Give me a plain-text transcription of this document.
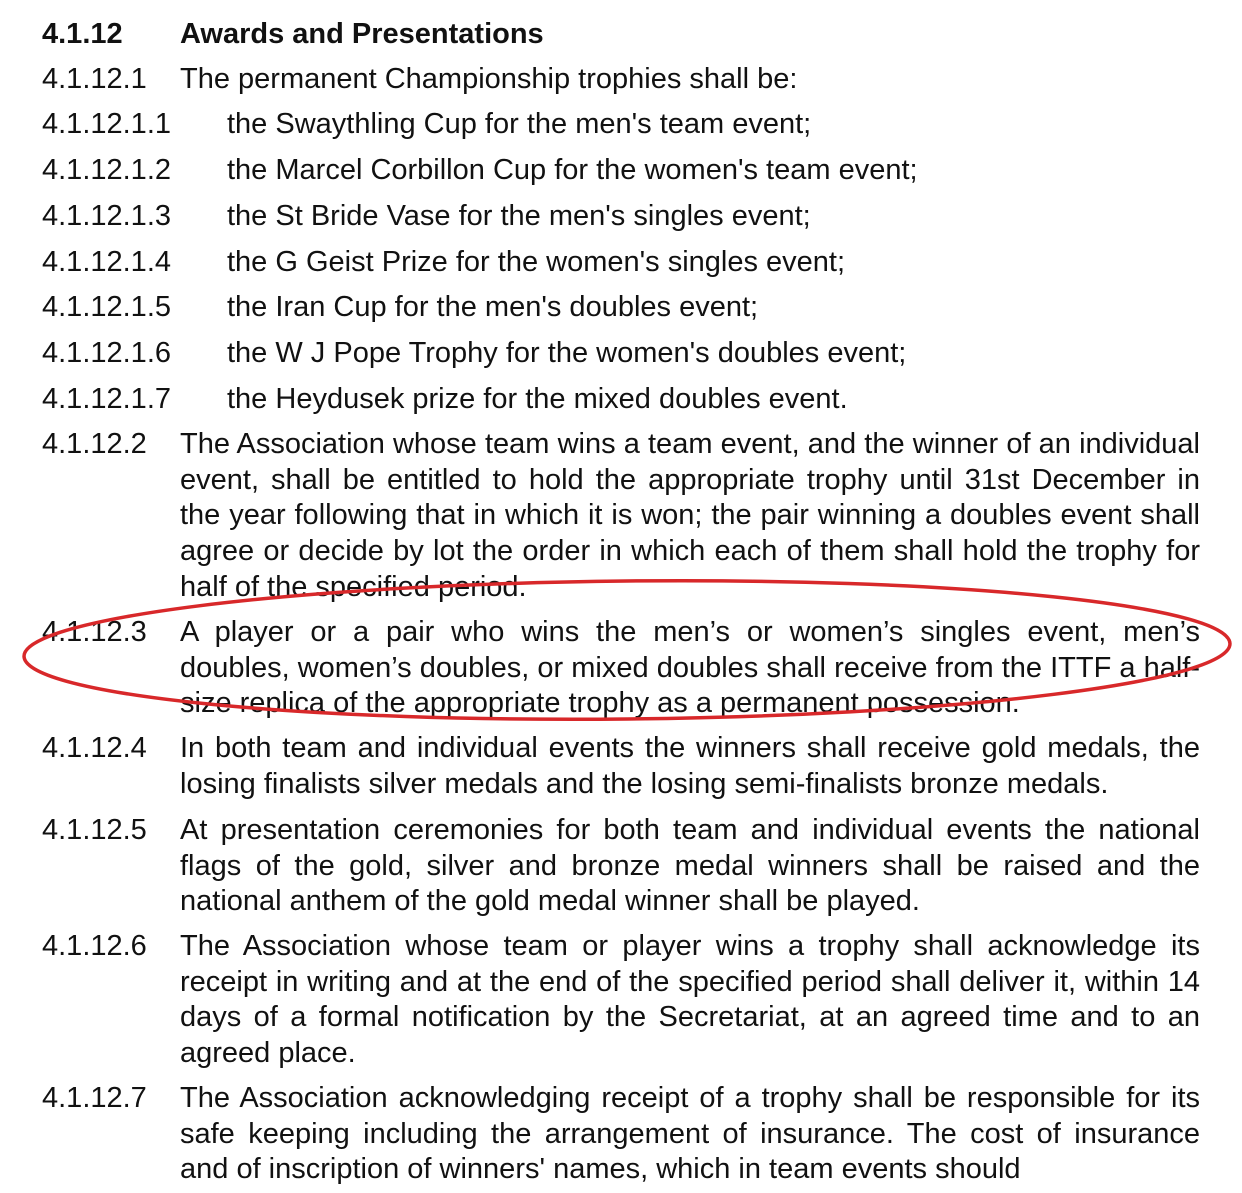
4.1.12 Awards and Presentations
4.1.12.1 The permanent Championship trophies shall be:
4.1.12.1.1 the Swaythling Cup for the men's team event;
4.1.12.1.2 the Marcel Corbillon Cup for the women's team event;
4.1.12.1.3 the St Bride Vase for the men's singles event;
4.1.12.1.4 the G Geist Prize for the women's singles event;
4.1.12.1.5 the Iran Cup for the men's doubles event;
4.1.12.1.6 the W J Pope Trophy for the women's doubles event;
4.1.12.1.7 the Heydusek prize for the mixed doubles event.
4.1.12.2 The Association whose team wins a team event, and the winner of an individual event, shall be entitled to hold the appropriate trophy until 31st December in the year following that in which it is won; the pair winning a doubles event shall agree or decide by lot the order in which each of them shall hold the trophy for half of the specified period.
4.1.12.3 A player or a pair who wins the men’s or women’s singles event, men’s doubles, women’s doubles, or mixed doubles shall receive from the ITTF a half-size replica of the appropriate trophy as a permanent possession.
4.1.12.4 In both team and individual events the winners shall receive gold medals, the losing finalists silver medals and the losing semi-finalists bronze medals.
4.1.12.5 At presentation ceremonies for both team and individual events the national flags of the gold, silver and bronze medal winners shall be raised and the national anthem of the gold medal winner shall be played.
4.1.12.6 The Association whose team or player wins a trophy shall acknowledge its receipt in writing and at the end of the specified period shall deliver it, within 14 days of a formal notification by the Secretariat, at an agreed time and to an agreed place.
4.1.12.7 The Association acknowledging receipt of a trophy shall be responsible for its safe keeping including the arrangement of insurance. The cost of insurance and of inscription of winners' names, which in team events should
